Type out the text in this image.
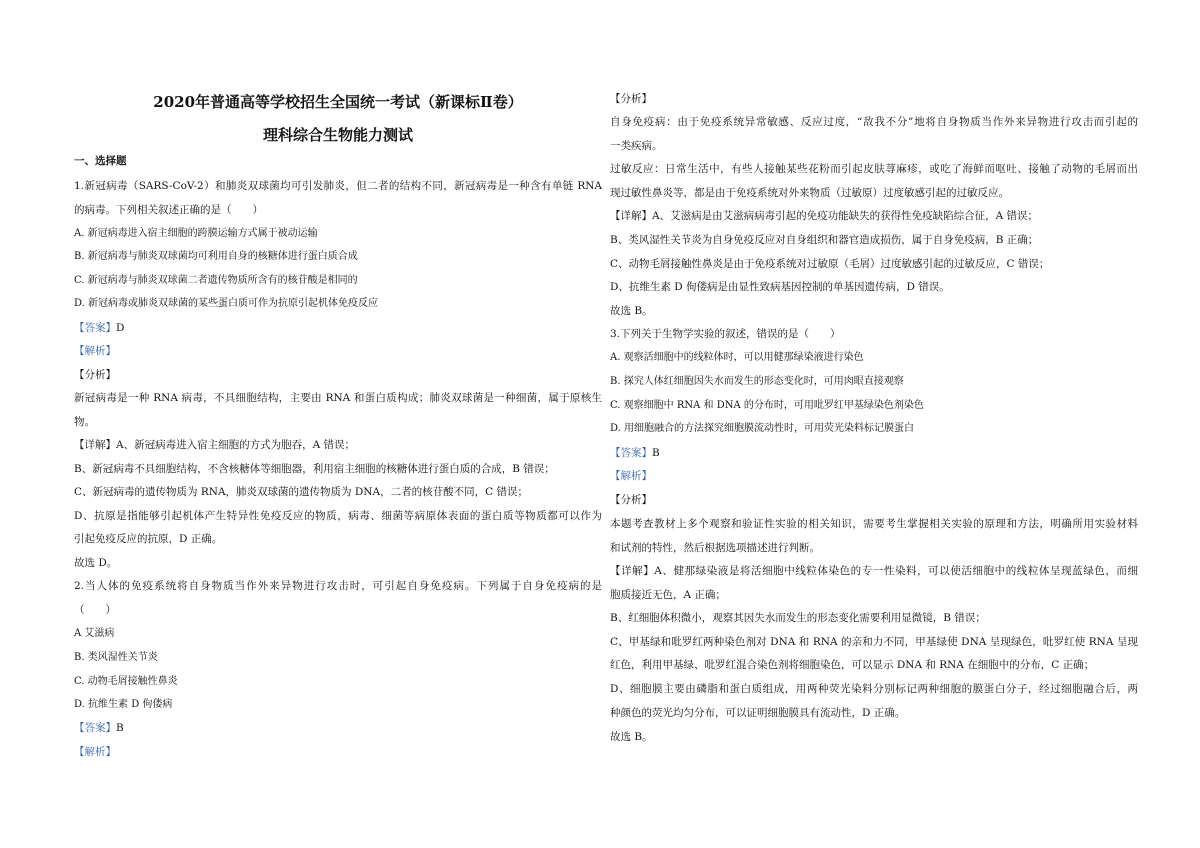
2020年普通高等学校招生全国统一考试（新课标Ⅱ卷）
理科综合生物能力测试
一、选择题
1.新冠病毒（SARS-CoV-2）和肺炎双球菌均可引发肺炎，但二者的结构不同，新冠病毒是一种含有单链 RNA
的病毒。下列相关叙述正确的是（　　）
A. 新冠病毒进入宿主细胞的跨膜运输方式属于被动运输
B. 新冠病毒与肺炎双球菌均可利用自身的核糖体进行蛋白质合成
C. 新冠病毒与肺炎双球菌二者遗传物质所含有的核苷酸是相同的
D. 新冠病毒或肺炎双球菌的某些蛋白质可作为抗原引起机体免疫反应
【答案】D
【解析】
【分析】
新冠病毒是一种 RNA 病毒，不具细胞结构，主要由 RNA 和蛋白质构成；肺炎双球菌是一种细菌，属于原核生
物。
【详解】A、新冠病毒进入宿主细胞的方式为胞吞，A 错误；
B、新冠病毒不具细胞结构，不含核糖体等细胞器，利用宿主细胞的核糖体进行蛋白质的合成，B 错误；
C、新冠病毒的遗传物质为 RNA，肺炎双球菌的遗传物质为 DNA，二者的核苷酸不同，C 错误；
D、抗原是指能够引起机体产生特异性免疫反应的物质，病毒、细菌等病原体表面的蛋白质等物质都可以作为
引起免疫反应的抗原，D 正确。
故选 D。
2.当人体的免疫系统将自身物质当作外来异物进行攻击时，可引起自身免疫病。下列属于自身免疫病的是
（　　）
A 艾滋病
B. 类风湿性关节炎
C. 动物毛屑接触性鼻炎
D. 抗维生素 D 佝偻病
【答案】B
【解析】
【分析】
自身免疫病：由于免疫系统异常敏感、反应过度，“敌我不分”地将自身物质当作外来异物进行攻击而引起的
一类疾病。
过敏反应：日常生活中，有些人接触某些花粉而引起皮肤荨麻疹，或吃了海鲜而呕吐、接触了动物的毛屑而出
现过敏性鼻炎等，都是由于免疫系统对外来物质（过敏原）过度敏感引起的过敏反应。
【详解】A、艾滋病是由艾滋病病毒引起的免疫功能缺失的获得性免疫缺陷综合征，A 错误；
B、类风湿性关节炎为自身免疫反应对自身组织和器官造成损伤，属于自身免疫病，B 正确；
C、动物毛屑接触性鼻炎是由于免疫系统对过敏原（毛屑）过度敏感引起的过敏反应，C 错误；
D、抗维生素 D 佝偻病是由显性致病基因控制的单基因遗传病，D 错误。
故选 B。
3.下列关于生物学实验的叙述，错误的是（　　）
A. 观察活细胞中的线粒体时，可以用健那绿染液进行染色
B. 探究人体红细胞因失水而发生的形态变化时，可用肉眼直接观察
C. 观察细胞中 RNA 和 DNA 的分布时，可用吡罗红甲基绿染色剂染色
D. 用细胞融合的方法探究细胞膜流动性时，可用荧光染料标记膜蛋白
【答案】B
【解析】
【分析】
本题考查教材上多个观察和验证性实验的相关知识，需要考生掌握相关实验的原理和方法，明确所用实验材料
和试剂的特性，然后根据选项描述进行判断。
【详解】A、健那绿染液是将活细胞中线粒体染色的专一性染料，可以使活细胞中的线粒体呈现蓝绿色，而细
胞质接近无色，A 正确；
B、红细胞体积微小，观察其因失水而发生的形态变化需要利用显微镜，B 错误；
C、甲基绿和吡罗红两种染色剂对 DNA 和 RNA 的亲和力不同，甲基绿使 DNA 呈现绿色，吡罗红使 RNA 呈现
红色，利用甲基绿、吡罗红混合染色剂将细胞染色，可以显示 DNA 和 RNA 在细胞中的分布，C 正确；
D、细胞膜主要由磷脂和蛋白质组成，用两种荧光染料分别标记两种细胞的膜蛋白分子，经过细胞融合后，两
种颜色的荧光均匀分布，可以证明细胞膜具有流动性，D 正确。
故选 B。
